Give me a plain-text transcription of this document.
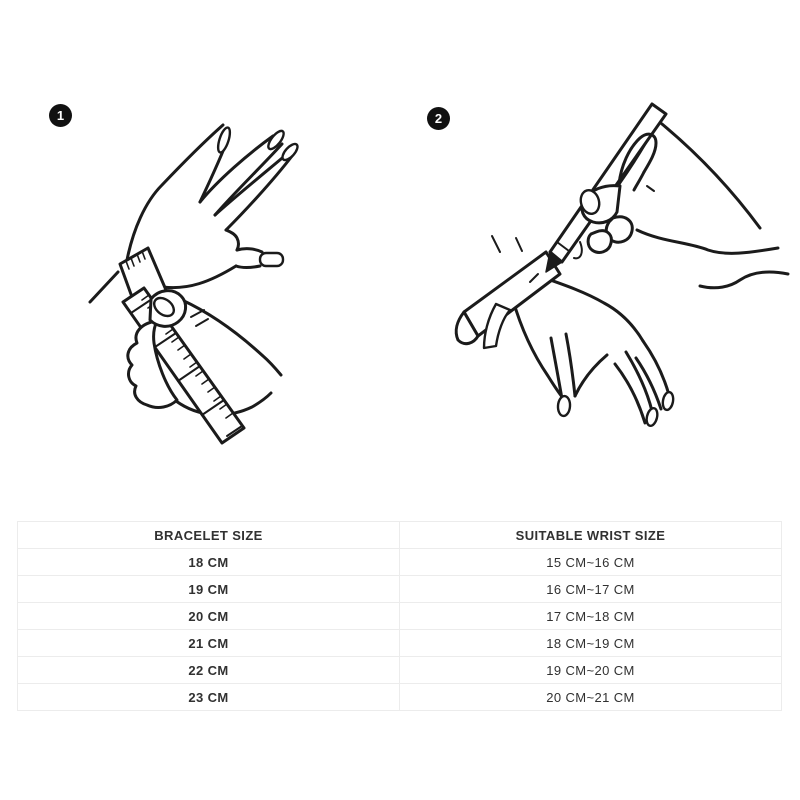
1	2
BRACELET SIZE	SUITABLE WRIST SIZE
18 CM	15 CM~16 CM
19 CM	16 CM~17 CM
20 CM	17 CM~18 CM
21 CM	18 CM~19 CM
22 CM	19 CM~20 CM
23 CM	20 CM~21 CM
